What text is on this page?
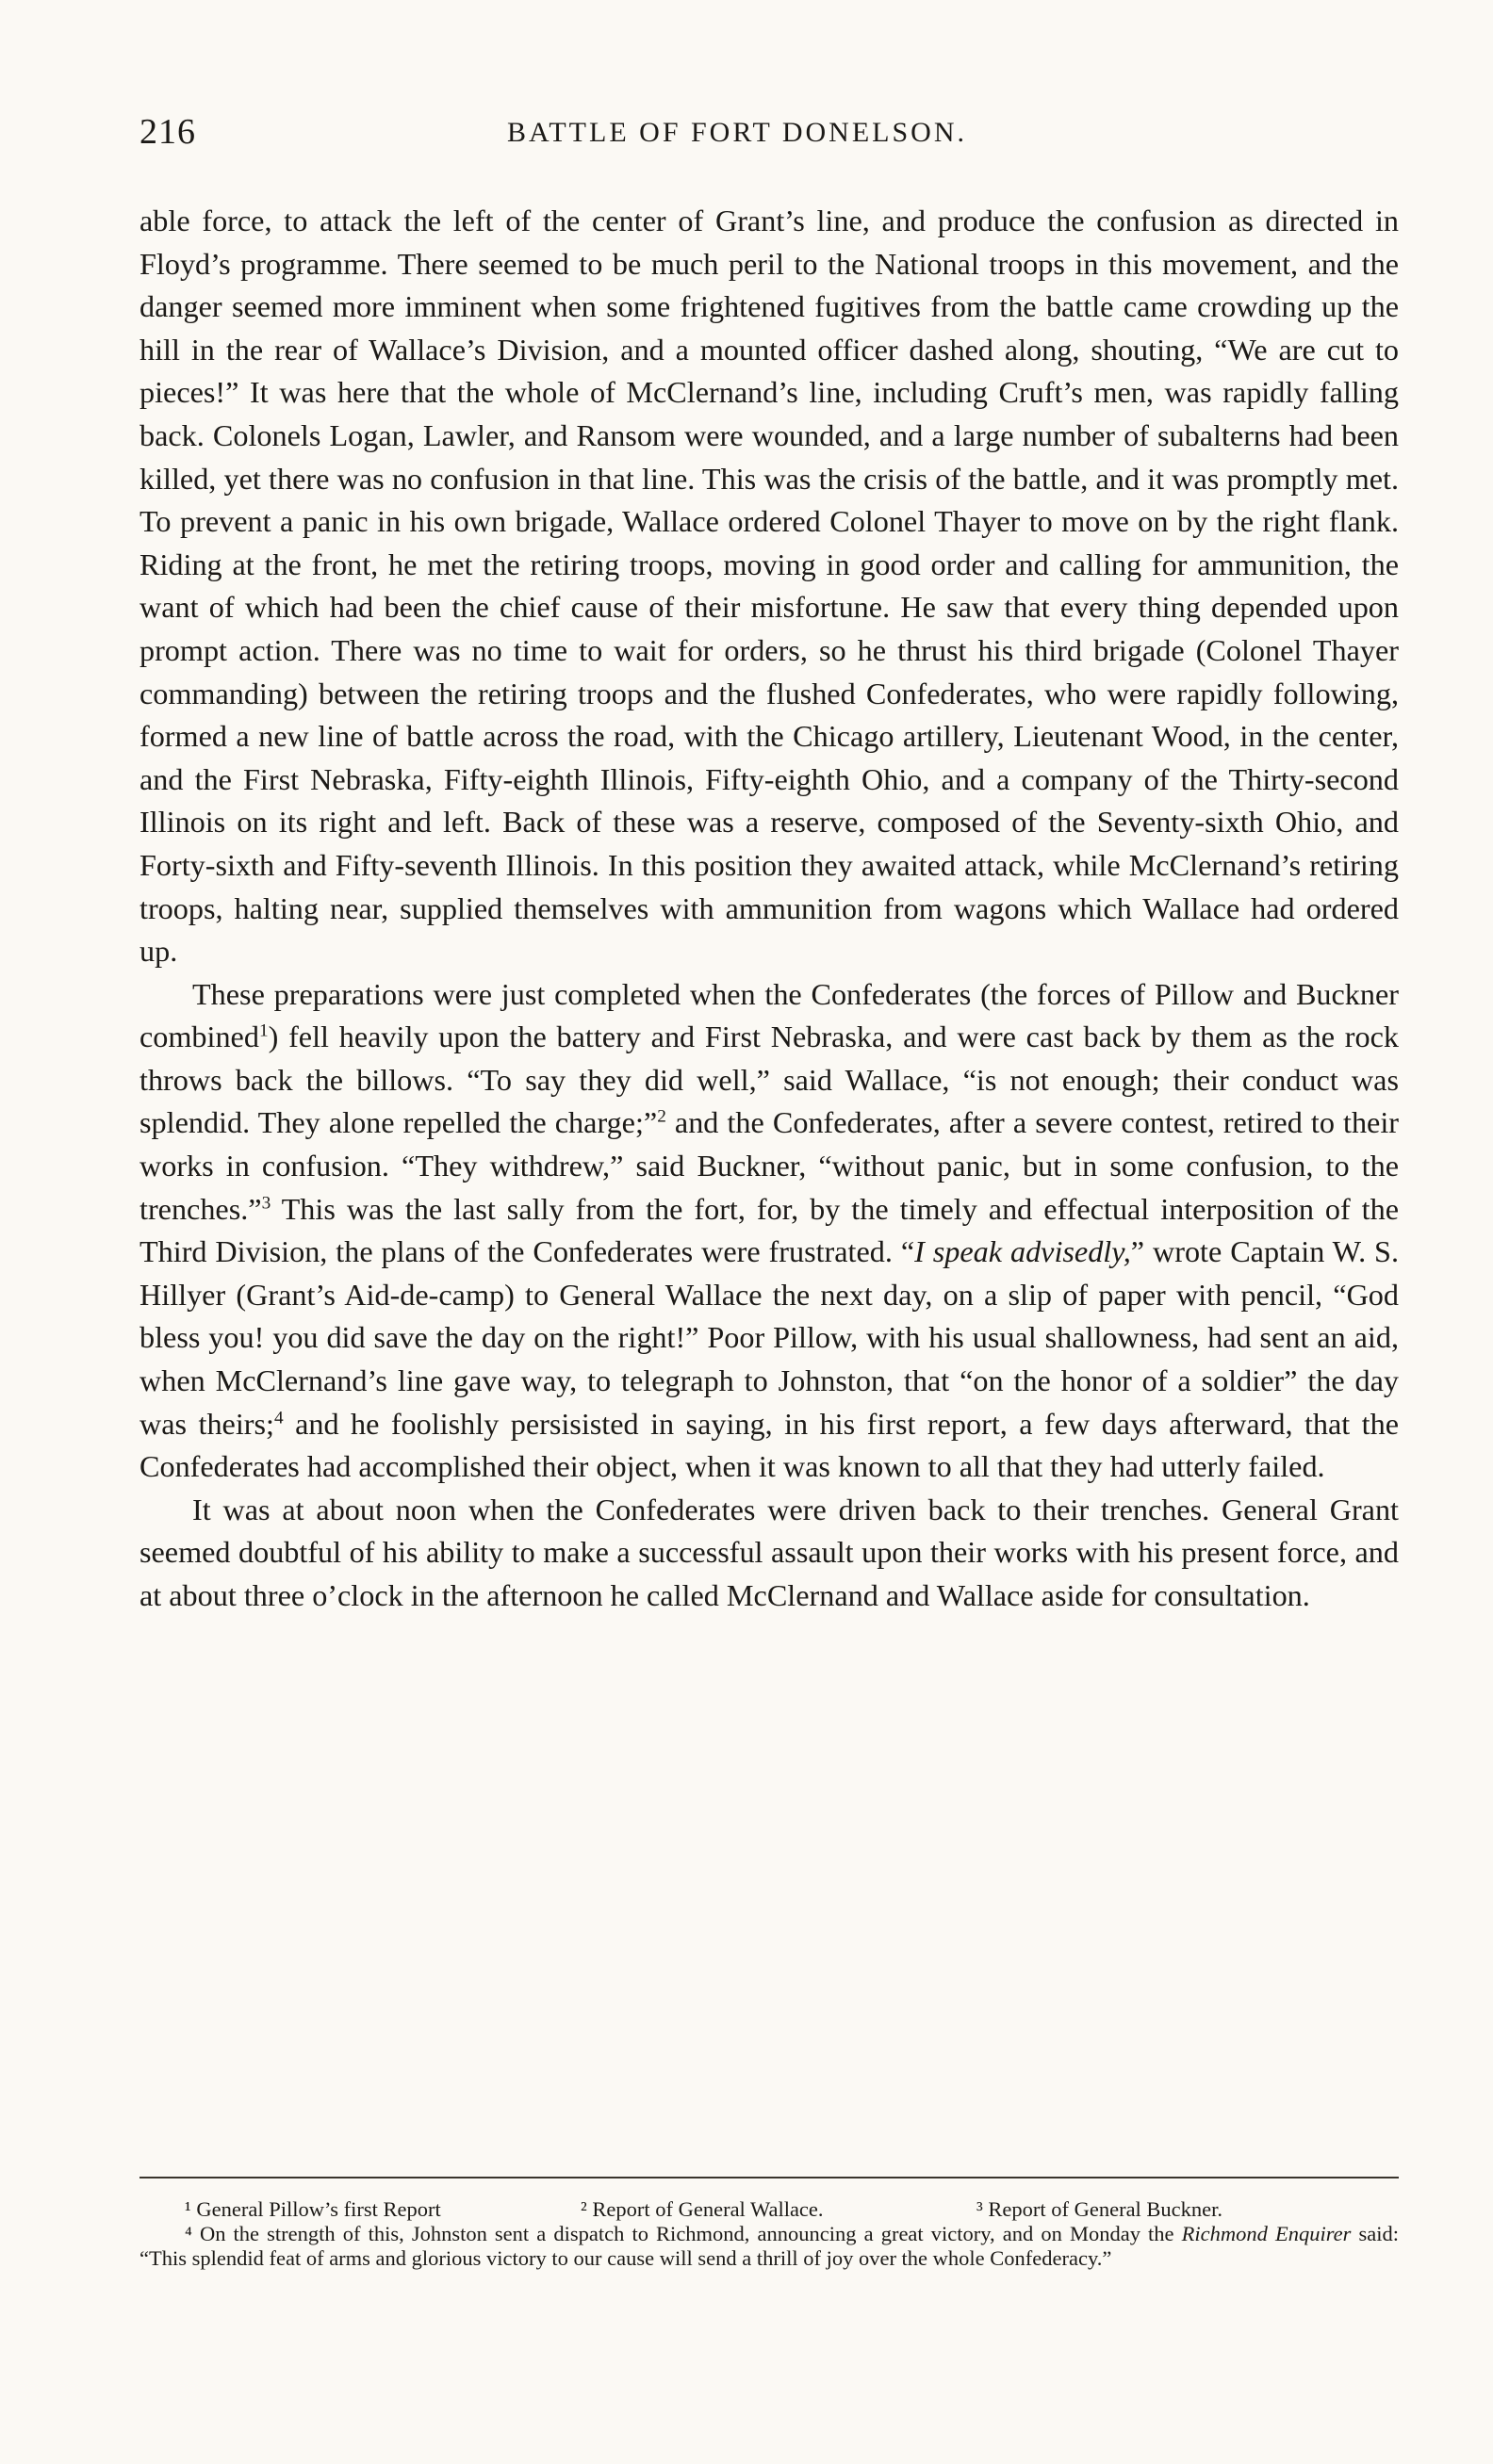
216	BATTLE OF FORT DONELSON.

able force, to attack the left of the center of Grant’s line, and produce the confusion as directed in Floyd’s programme. There seemed to be much peril to the National troops in this movement, and the danger seemed more imminent when some frightened fugitives from the battle came crowding up the hill in the rear of Wallace’s Division, and a mounted officer dashed along, shouting, “We are cut to pieces!” It was here that the whole of McClernand’s line, including Cruft’s men, was rapidly falling back. Colonels Logan, Lawler, and Ransom were wounded, and a large number of subalterns had been killed, yet there was no confusion in that line. This was the crisis of the battle, and it was promptly met. To prevent a panic in his own brigade, Wallace ordered Colonel Thayer to move on by the right flank. Riding at the front, he met the retiring troops, moving in good order and calling for ammunition, the want of which had been the chief cause of their misfortune. He saw that every thing depended upon prompt action. There was no time to wait for orders, so he thrust his third brigade (Colonel Thayer commanding) between the retiring troops and the flushed Confederates, who were rapidly following, formed a new line of battle across the road, with the Chicago artillery, Lieutenant Wood, in the center, and the First Nebraska, Fifty-eighth Illinois, Fifty-eighth Ohio, and a company of the Thirty-second Illinois on its right and left. Back of these was a reserve, composed of the Seventy-sixth Ohio, and Forty-sixth and Fifty-seventh Illinois. In this position they awaited attack, while McClernand’s retiring troops, halting near, supplied themselves with ammunition from wagons which Wallace had ordered up.

These preparations were just completed when the Confederates (the forces of Pillow and Buckner combined$^1$) fell heavily upon the battery and First Nebraska, and were cast back by them as the rock throws back the billows. “To say they did well,” said Wallace, “is not enough; their conduct was splendid. They alone repelled the charge;”$^2$ and the Confederates, after a severe contest, retired to their works in confusion. “They withdrew,” said Buckner, “without panic, but in some confusion, to the trenches.”$^3$ This was the last sally from the fort, for, by the timely and effectual interposition of the Third Division, the plans of the Confederates were frustrated. “I speak advisedly,” wrote Captain W. S. Hillyer (Grant’s Aid-de-camp) to General Wallace the next day, on a slip of paper with pencil, “God bless you! you did save the day on the right!” Poor Pillow, with his usual shallowness, had sent an aid, when McClernand’s line gave way, to telegraph to Johnston, that “on the honor of a soldier” the day was theirs;$^4$ and he foolishly persisisted in saying, in his first report, a few days afterward, that the Confederates had accomplished their object, when it was known to all that they had utterly failed.

It was at about noon when the Confederates were driven back to their trenches. General Grant seemed doubtful of his ability to make a successful assault upon their works with his present force, and at about three o’clock in the afternoon he called McClernand and Wallace aside for consultation.

¹ General Pillow’s first Report	² Report of General Wallace.	³ Report of General Buckner.

⁴ On the strength of this, Johnston sent a dispatch to Richmond, announcing a great victory, and on Monday the Richmond Enquirer said: “This splendid feat of arms and glorious victory to our cause will send a thrill of joy over the whole Confederacy.”
